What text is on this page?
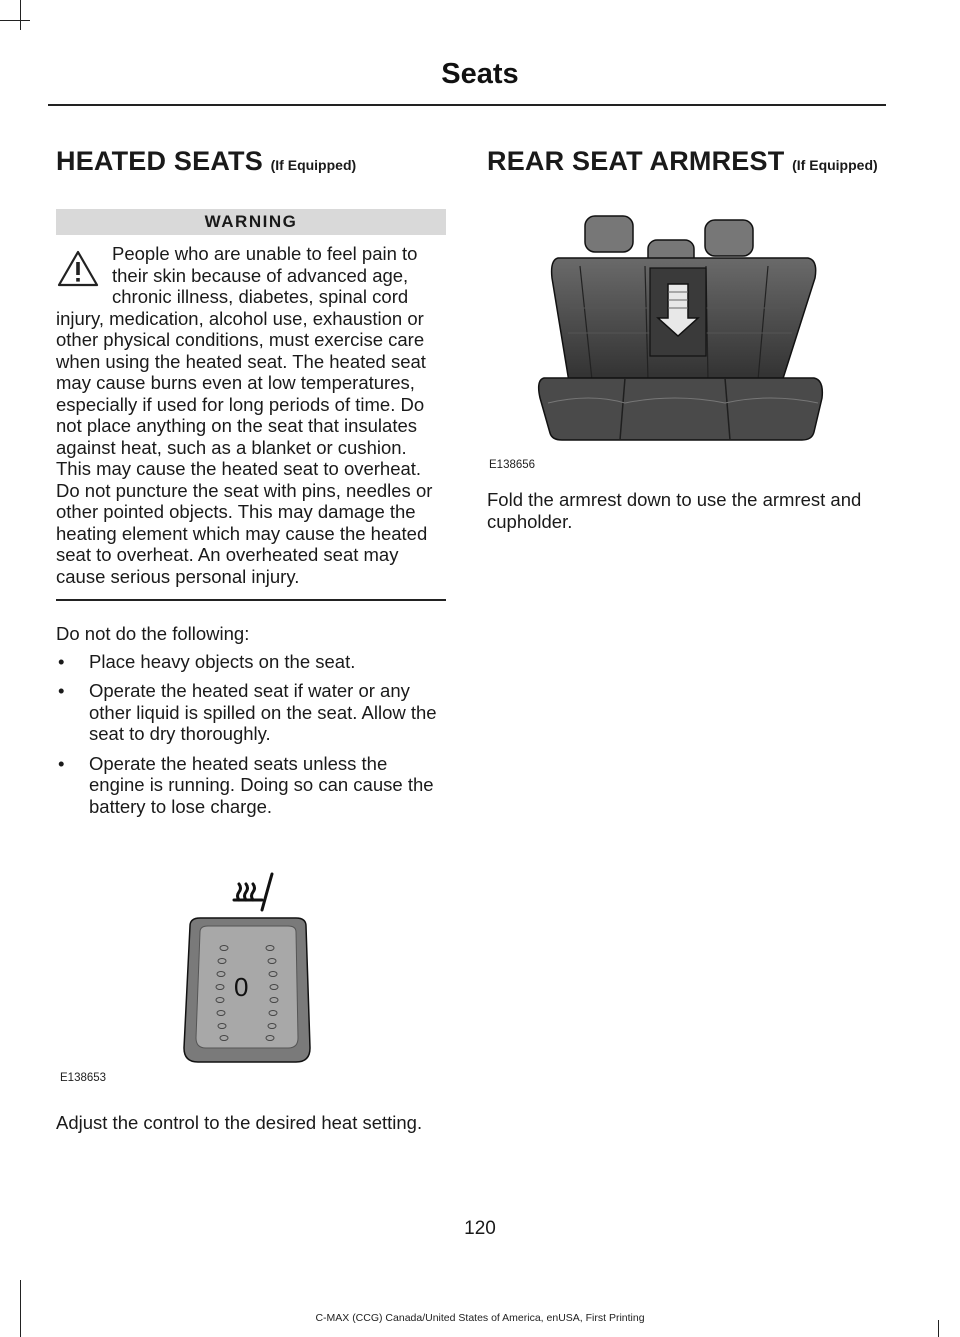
Seats
HEATED SEATS (If Equipped)
WARNING

People who are unable to feel pain to their skin because of advanced age, chronic illness, diabetes, spinal cord injury, medication, alcohol use, exhaustion or other physical conditions, must exercise care when using the heated seat. The heated seat may cause burns even at low temperatures, especially if used for long periods of time. Do not place anything on the seat that insulates against heat, such as a blanket or cushion. This may cause the heated seat to overheat. Do not puncture the seat with pins, needles or other pointed objects. This may damage the heating element which may cause the heated seat to overheat. An overheated seat may cause serious personal injury.

Do not do the following:

• Place heavy objects on the seat.
• Operate the heated seat if water or any other liquid is spilled on the seat. Allow the seat to dry thoroughly.
• Operate the heated seats unless the engine is running. Doing so can cause the battery to lose charge.
0
E138653

Adjust the control to the desired heat setting.

REAR SEAT ARMREST (If Equipped)
E138656

Fold the armrest down to use the armrest and cupholder.

120
C-MAX (CCG) Canada/United States of America, enUSA, First Printing
